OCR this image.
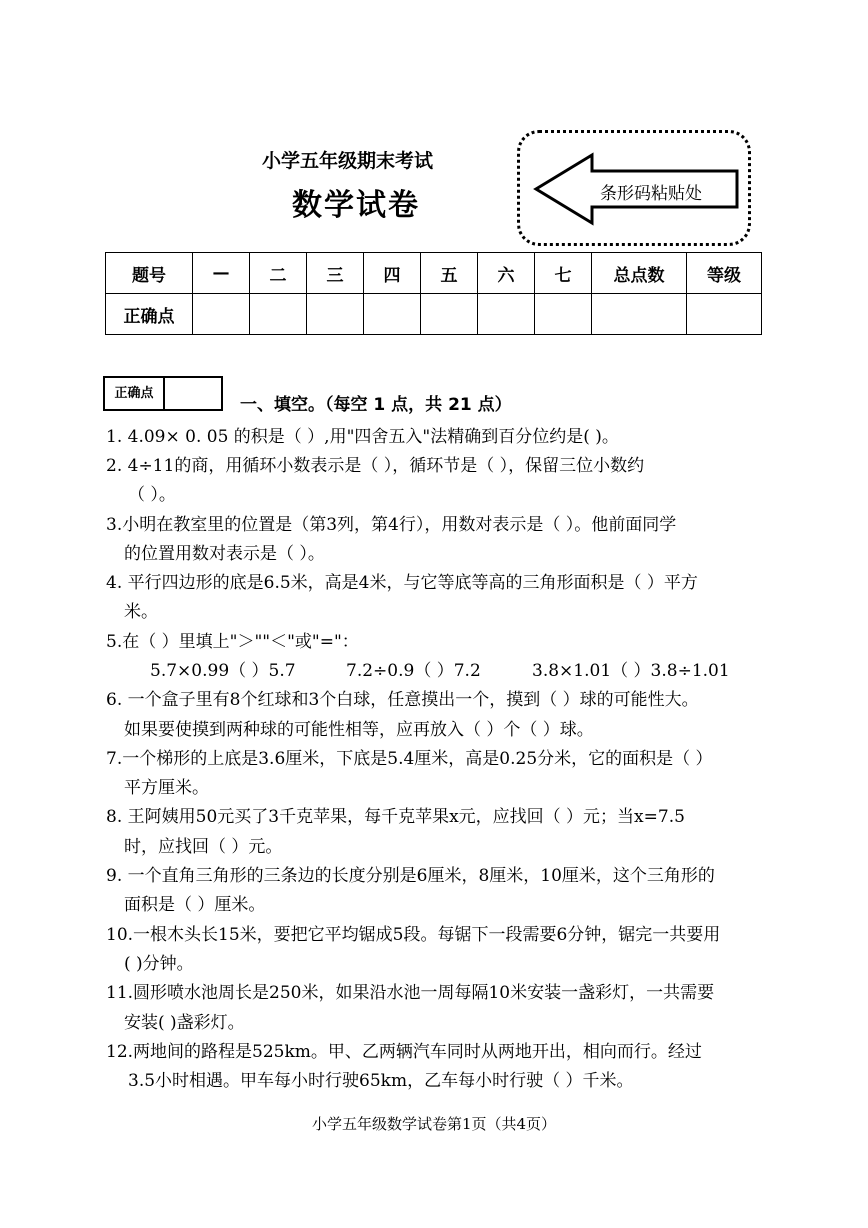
小学五年级期末考试
数学试卷	条形码粘贴处
题号	—	二	三	四	五	六	七	总点数	等级
正确点									
正确点
一、填空。（每空 1 点，共 21 点）
1. 4.09× 0. 05 的积是（ ）,用"四舍五入"法精确到百分位约是( )。
2. 4÷11的商，用循环小数表示是（ ），循环节是（ ），保留三位小数约
（ ）。
3.小明在教室里的位置是（第3列，第4行），用数对表示是（ ）。他前面同学
的位置用数对表示是（ ）。
4. 平行四边形的底是6.5米，高是4米，与它等底等高的三角形面积是（ ）平方
米。
5.在（ ）里填上"＞""＜"或"="：
5.7×0.99（ ）5.7	7.2÷0.9（ ）7.2	3.8×1.01（ ）3.8÷1.01
6. 一个盒子里有8个红球和3个白球，任意摸出一个，摸到（ ）球的可能性大。
如果要使摸到两种球的可能性相等，应再放入（ ）个（ ）球。
7.一个梯形的上底是3.6厘米，下底是5.4厘米，高是0.25分米，它的面积是（ ）
平方厘米。
8. 王阿姨用50元买了3千克苹果，每千克苹果x元，应找回（ ）元；当x=7.5
时，应找回（ ）元。
9. 一个直角三角形的三条边的长度分别是6厘米，8厘米，10厘米，这个三角形的
面积是（ ）厘米。
10.一根木头长15米，要把它平均锯成5段。每锯下一段需要6分钟，锯完一共要用
( )分钟。
11.圆形喷水池周长是250米，如果沿水池一周每隔10米安装一盏彩灯，一共需要
安装( )盏彩灯。
12.两地间的路程是525km。甲、乙两辆汽车同时从两地开出，相向而行。经过
3.5小时相遇。甲车每小时行驶65km，乙车每小时行驶（ ）千米。
小学五年级数学试卷第1页（共4页）
